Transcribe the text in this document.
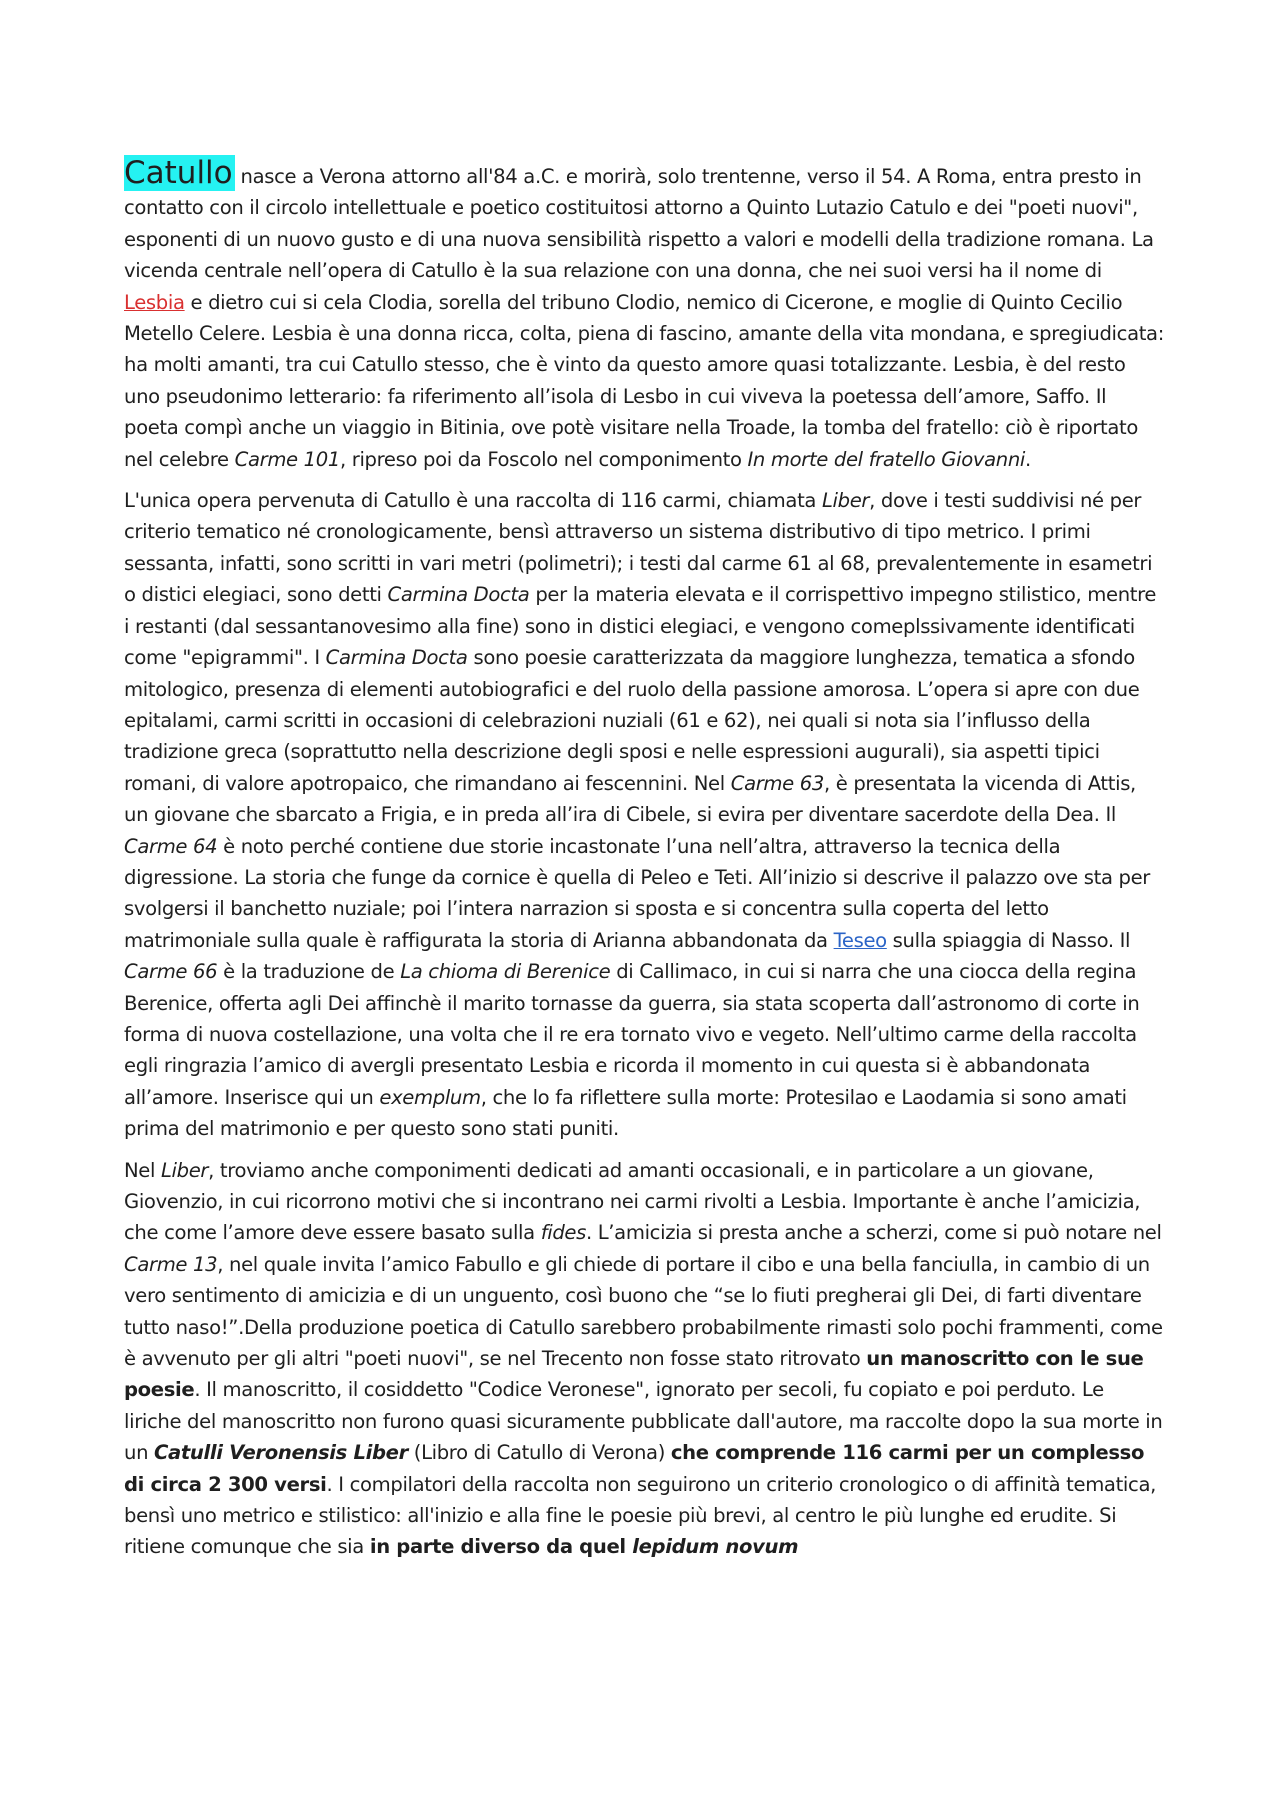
Catullo nasce a Verona attorno all'84 a.C. e morirà, solo trentenne, verso il 54. A Roma, entra presto in contatto con il circolo intellettuale e poetico costituitosi attorno a Quinto Lutazio Catulo e dei "poeti nuovi", esponenti di un nuovo gusto e di una nuova sensibilità rispetto a valori e modelli della tradizione romana. La vicenda centrale nell’opera di Catullo è la sua relazione con una donna, che nei suoi versi ha il nome di Lesbia e dietro cui si cela Clodia, sorella del tribuno Clodio, nemico di Cicerone, e moglie di Quinto Cecilio Metello Celere. Lesbia è una donna ricca, colta, piena di fascino, amante della vita mondana, e spregiudicata: ha molti amanti, tra cui Catullo stesso, che è vinto da questo amore quasi totalizzante. Lesbia, è del resto uno pseudonimo letterario: fa riferimento all’isola di Lesbo in cui viveva la poetessa dell’amore, Saffo. Il poeta compì anche un viaggio in Bitinia, ove potè visitare nella Troade, la tomba del fratello: ciò è riportato nel celebre Carme 101, ripreso poi da Foscolo nel componimento In morte del fratello Giovanni.

L'unica opera pervenuta di Catullo è una raccolta di 116 carmi, chiamata Liber, dove i testi suddivisi né per criterio tematico né cronologicamente, bensì attraverso un sistema distributivo di tipo metrico. I primi sessanta, infatti, sono scritti in vari metri (polimetri); i testi dal carme 61 al 68, prevalentemente in esametri o distici elegiaci, sono detti Carmina Docta per la materia elevata e il corrispettivo impegno stilistico, mentre i restanti (dal sessantanovesimo alla fine) sono in distici elegiaci, e vengono comeplssivamente identificati come "epigrammi". I Carmina Docta sono poesie caratterizzata da maggiore lunghezza, tematica a sfondo mitologico, presenza di elementi autobiografici e del ruolo della passione amorosa. L’opera si apre con due epitalami, carmi scritti in occasioni di celebrazioni nuziali (61 e 62), nei quali si nota sia l’influsso della tradizione greca (soprattutto nella descrizione degli sposi e nelle espressioni augurali), sia aspetti tipici romani, di valore apotropaico, che rimandano ai fescennini. Nel Carme 63, è presentata la vicenda di Attis, un giovane che sbarcato a Frigia, e in preda all’ira di Cibele, si evira per diventare sacerdote della Dea. Il Carme 64 è noto perché contiene due storie incastonate l’una nell’altra, attraverso la tecnica della digressione. La storia che funge da cornice è quella di Peleo e Teti. All’inizio si descrive il palazzo ove sta per svolgersi il banchetto nuziale; poi l’intera narrazion si sposta e si concentra sulla coperta del letto matrimoniale sulla quale è raffigurata la storia di Arianna abbandonata da Teseo sulla spiaggia di Nasso. Il Carme 66 è la traduzione de La chioma di Berenice di Callimaco, in cui si narra che una ciocca della regina Berenice, offerta agli Dei affinchè il marito tornasse da guerra, sia stata scoperta dall’astronomo di corte in forma di nuova costellazione, una volta che il re era tornato vivo e vegeto. Nell’ultimo carme della raccolta egli ringrazia l’amico di avergli presentato Lesbia e ricorda il momento in cui questa si è abbandonata all’amore. Inserisce qui un exemplum, che lo fa riflettere sulla morte: Protesilao e Laodamia si sono amati prima del matrimonio e per questo sono stati puniti.

Nel Liber, troviamo anche componimenti dedicati ad amanti occasionali, e in particolare a un giovane, Giovenzio, in cui ricorrono motivi che si incontrano nei carmi rivolti a Lesbia. Importante è anche l’amicizia, che come l’amore deve essere basato sulla fides. L’amicizia si presta anche a scherzi, come si può notare nel Carme 13, nel quale invita l’amico Fabullo e gli chiede di portare il cibo e una bella fanciulla, in cambio di un vero sentimento di amicizia e di un unguento, così buono che “se lo fiuti pregherai gli Dei, di farti diventare tutto naso!”.Della produzione poetica di Catullo sarebbero probabilmente rimasti solo pochi frammenti, come è avvenuto per gli altri "poeti nuovi", se nel Trecento non fosse stato ritrovato un manoscritto con le sue poesie. Il manoscritto, il cosiddetto "Codice Veronese", ignorato per secoli, fu copiato e poi perduto. Le liriche del manoscritto non furono quasi sicuramente pubblicate dall'autore, ma raccolte dopo la sua morte in un Catulli Veronensis Liber (Libro di Catullo di Verona) che comprende 116 carmi per un complesso di circa 2 300 versi. I compilatori della raccolta non seguirono un criterio cronologico o di affinità tematica, bensì uno metrico e stilistico: all'inizio e alla fine le poesie più brevi, al centro le più lunghe ed erudite. Si ritiene comunque che sia in parte diverso da quel lepidum novum
